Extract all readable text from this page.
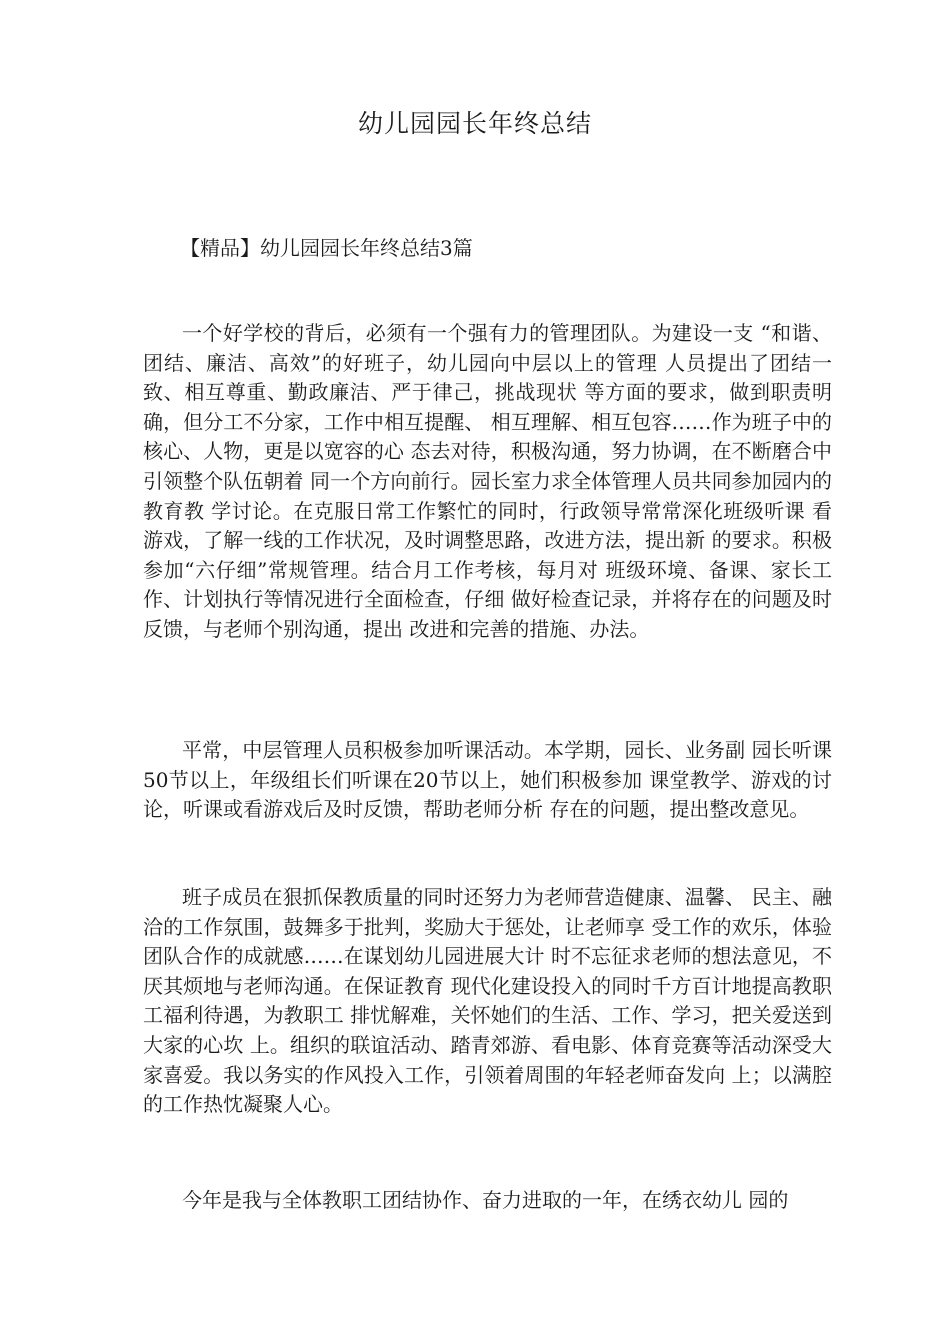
幼儿园园长年终总结
【精品】幼儿园园长年终总结3篇

一个好学校的背后，必须有一个强有力的管理团队。为建设一支 “和谐、团结、廉洁、高效”的好班子，幼儿园向中层以上的管理 人员提出了团结一致、相互尊重、勤政廉洁、严于律己，挑战现状 等方面的要求，做到职责明确，但分工不分家，工作中相互提醒、 相互理解、相互包容……作为班子中的核心、人物，更是以宽容的心 态去对待，积极沟通，努力协调，在不断磨合中引领整个队伍朝着 同一个方向前行。园长室力求全体管理人员共同参加园内的教育教 学讨论。在克服日常工作繁忙的同时，行政领导常常深化班级听课 看游戏，了解一线的工作状况，及时调整思路，改进方法，提出新 的要求。积极参加“六仔细”常规管理。结合月工作考核，每月对 班级环境、备课、家长工作、计划执行等情况进行全面检查，仔细 做好检查记录，并将存在的问题及时反馈，与老师个别沟通，提出 改进和完善的措施、办法。

平常，中层管理人员积极参加听课活动。本学期，园长、业务副 园长听课50节以上，年级组长们听课在20节以上，她们积极参加 课堂教学、游戏的讨论，听课或看游戏后及时反馈，帮助老师分析 存在的问题，提出整改意见。

班子成员在狠抓保教质量的同时还努力为老师营造健康、温馨、 民主、融洽的工作氛围，鼓舞多于批判，奖励大于惩处，让老师享 受工作的欢乐，体验团队合作的成就感……在谋划幼儿园进展大计 时不忘征求老师的想法意见，不厌其烦地与老师沟通。在保证教育 现代化建设投入的同时千方百计地提高教职工福利待遇，为教职工 排忧解难，关怀她们的生活、工作、学习，把关爱送到大家的心坎 上。组织的联谊活动、踏青郊游、看电影、体育竞赛等活动深受大 家喜爱。我以务实的作风投入工作，引领着周围的年轻老师奋发向 上；以满腔的工作热忱凝聚人心。

今年是我与全体教职工团结协作、奋力进取的一年，在绣衣幼儿 园的
